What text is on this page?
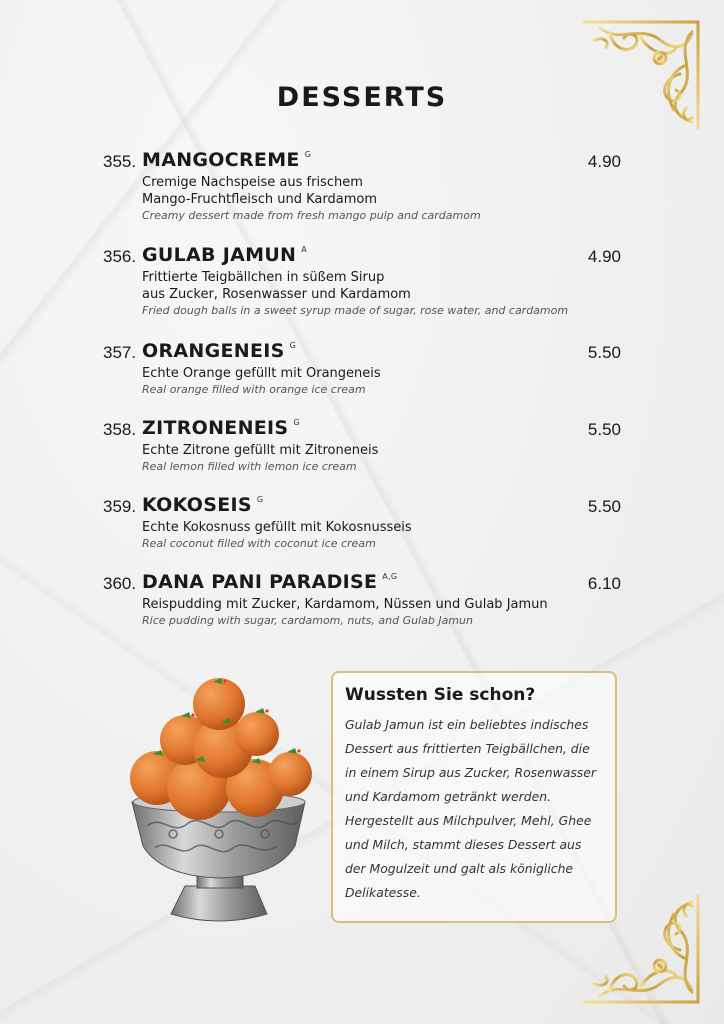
DESSERTS
355. MANGOCREME $^G$	4.90
Cremige Nachspeise aus frischem
Mango-Fruchtfleisch und Kardamom
Creamy dessert made from fresh mango pulp and cardamom
356. GULAB JAMUN $^A$	4.90
Frittierte Teigbällchen in süßem Sirup
aus Zucker, Rosenwasser und Kardamom
Fried dough balls in a sweet syrup made of sugar, rose water, and cardamom
357. ORANGENEIS $^G$	5.50
Echte Orange gefüllt mit Orangeneis
Real orange filled with orange ice cream
358. ZITRONENEIS $^G$	5.50
Echte Zitrone gefüllt mit Zitroneneis
Real lemon filled with lemon ice cream
359. KOKOSEIS $^G$	5.50
Echte Kokosnuss gefüllt mit Kokosnusseis
Real coconut filled with coconut ice cream
360. DANA PANI PARADISE $^{A,G}$	6.10
Reispudding mit Zucker, Kardamom, Nüssen und Gulab Jamun
Rice pudding with sugar, cardamom, nuts, and Gulab Jamun
Wussten Sie schon?
Gulab Jamun ist ein beliebtes indisches
Dessert aus frittierten Teigbällchen, die
in einem Sirup aus Zucker, Rosenwasser
und Kardamom getränkt werden.
Hergestellt aus Milchpulver, Mehl, Ghee
und Milch, stammt dieses Dessert aus
der Mogulzeit und galt als königliche
Delikatesse.
